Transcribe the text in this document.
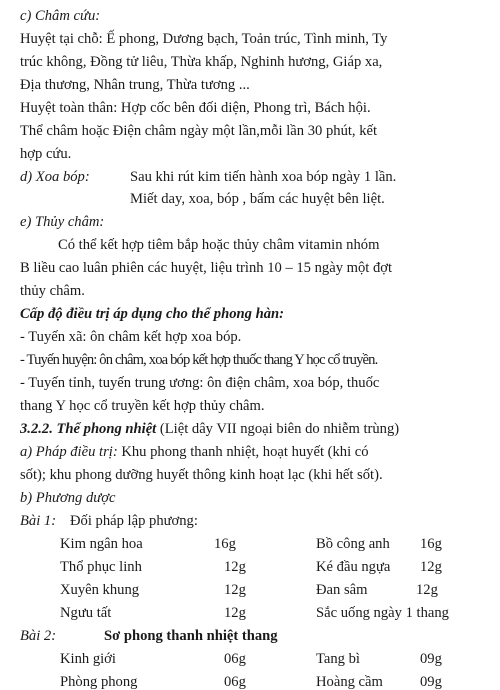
c) Châm cứu:
Huyệt tại chỗ: Ế phong, Dương bạch, Toản trúc, Tình minh, Ty
trúc không, Đồng tử liêu, Thừa khấp, Nghinh hương, Giáp xa,
Địa thương, Nhân trung, Thừa tương ...
Huyệt toàn thân: Hợp cốc bên đối diện, Phong trì, Bách hội.
Thể châm hoặc Điện châm ngày một lần,mỗi lần 30 phút, kết
hợp cứu.
d) Xoa bóp:	Sau khi rút kim tiến hành xoa bóp ngày 1 lần.
Miết day, xoa, bóp , bấm các huyệt bên liệt.
e) Thủy châm:
Có thể kết hợp tiêm bắp hoặc thủy châm vitamin nhóm
B liều cao luân phiên các huyệt, liệu trình 10 – 15 ngày một đợt
thủy châm.
Cấp độ điều trị áp dụng cho thể phong hàn:
- Tuyến xã: ôn châm kết hợp xoa bóp.
- Tuyến huyện: ôn châm, xoa bóp kết hợp thuốc thang Y học cổ truyền.
- Tuyến tỉnh, tuyến trung ương: ôn điện châm, xoa bóp, thuốc
thang Y học cổ truyền kết hợp thủy châm.
3.2.2. Thể phong nhiệt (Liệt dây VII ngoại biên do nhiễm trùng)
a) Pháp điều trị: Khu phong thanh nhiệt, hoạt huyết (khi có
sốt); khu phong dưỡng huyết thông kinh hoạt lạc (khi hết sốt).
b) Phương dược
Bài 1: Đối pháp lập phương:
Kim ngân hoa	16g	Bồ công anh 16g
Thổ phục linh	12g	Ké đầu ngựa 12g
Xuyên khung	12g	Đan sâm	12g
Ngưu tất	12g	Sắc uống ngày 1 thang
Bài 2:	Sơ phong thanh nhiệt thang
Kinh giới	06g	Tang bì	09g
Phòng phong	06g	Hoàng cầm	09g
